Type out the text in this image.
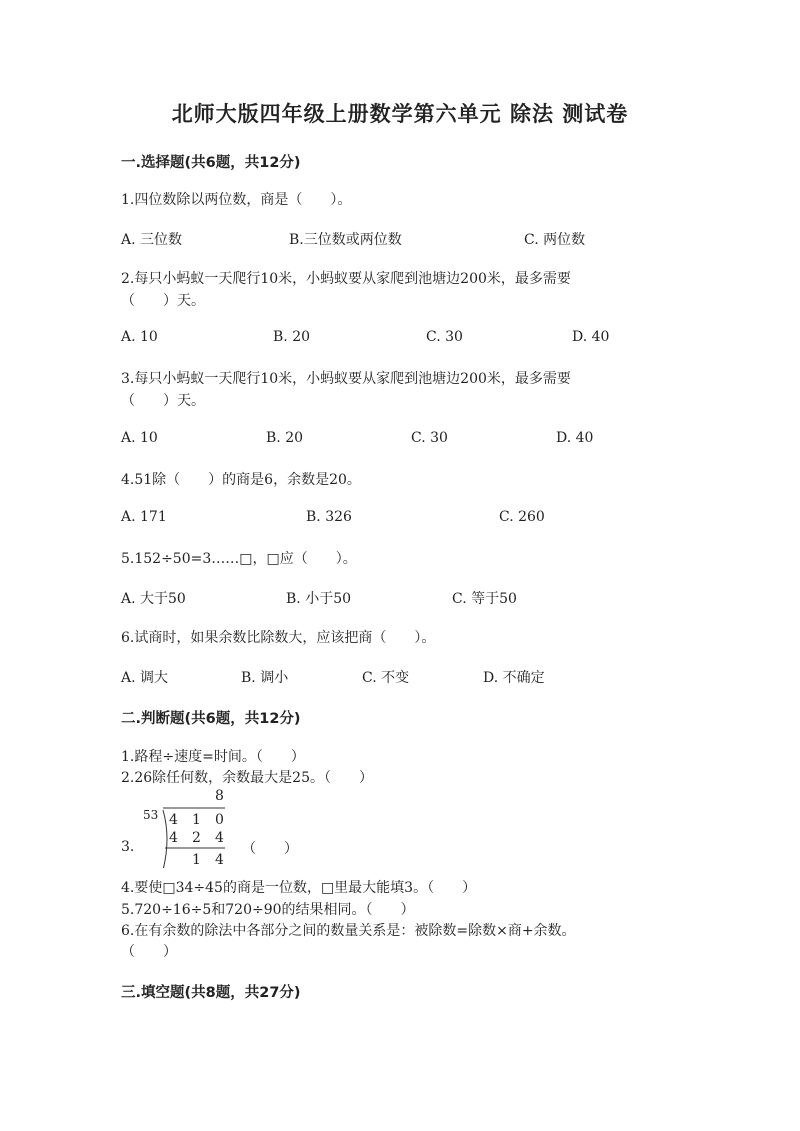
北师大版四年级上册数学第六单元 除法 测试卷
一.选择题(共6题，共12分)
1.四位数除以两位数，商是（　　）。
A. 三位数	B.三位数或两位数	C. 两位数
2.每只小蚂蚁一天爬行10米，小蚂蚁要从家爬到池塘边200米，最多需要
（　　）天。
A. 10	B. 20	C. 30	D. 40
3.每只小蚂蚁一天爬行10米，小蚂蚁要从家爬到池塘边200米，最多需要
（　　）天。
A. 10	B. 20	C. 30	D. 40
4.51除（　　）的商是6，余数是20。
A. 171	B. 326	C. 260
5.152÷50=3……□，□应（　　）。
A. 大于50	B. 小于50	C. 等于50
6.试商时，如果余数比除数大，应该把商（　　）。
A. 调大	B. 调小	C. 不变	D. 不确定
二.判断题(共6题，共12分)
1.路程÷速度=时间。（　　）
2.26除任何数，余数最大是25。（　　）
3.
53
8
4 1 0
4 2 4
1 4
（　　）
4.要使□34÷45的商是一位数，□里最大能填3。（　　）
5.720÷16÷5和720÷90的结果相同。（　　）
6.在有余数的除法中各部分之间的数量关系是：被除数=除数×商+余数。
（　　）
三.填空题(共8题，共27分)
